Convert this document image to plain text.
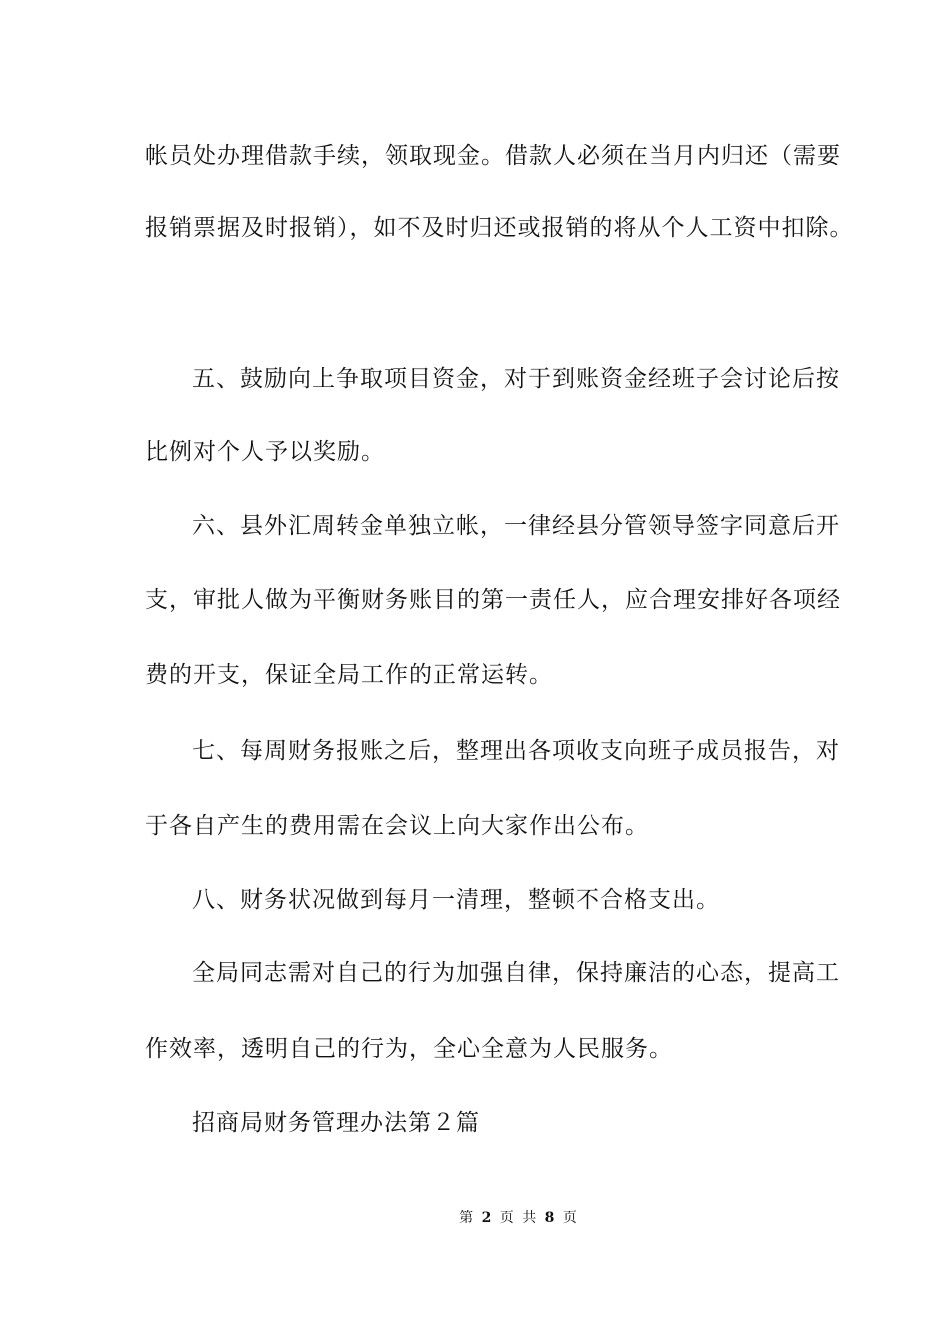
帐员处办理借款手续，领取现金。借款人必须在当月内归还（需要
报销票据及时报销），如不及时归还或报销的将从个人工资中扣除。
五、鼓励向上争取项目资金，对于到账资金经班子会讨论后按
比例对个人予以奖励。
六、县外汇周转金单独立帐，一律经县分管领导签字同意后开
支，审批人做为平衡财务账目的第一责任人，应合理安排好各项经
费的开支，保证全局工作的正常运转。
七、每周财务报账之后，整理出各项收支向班子成员报告，对
于各自产生的费用需在会议上向大家作出公布。
八、财务状况做到每月一清理，整顿不合格支出。
全局同志需对自己的行为加强自律，保持廉洁的心态，提高工
作效率，透明自己的行为，全心全意为人民服务。
招商局财务管理办法第２篇
第 2 页 共 8 页
